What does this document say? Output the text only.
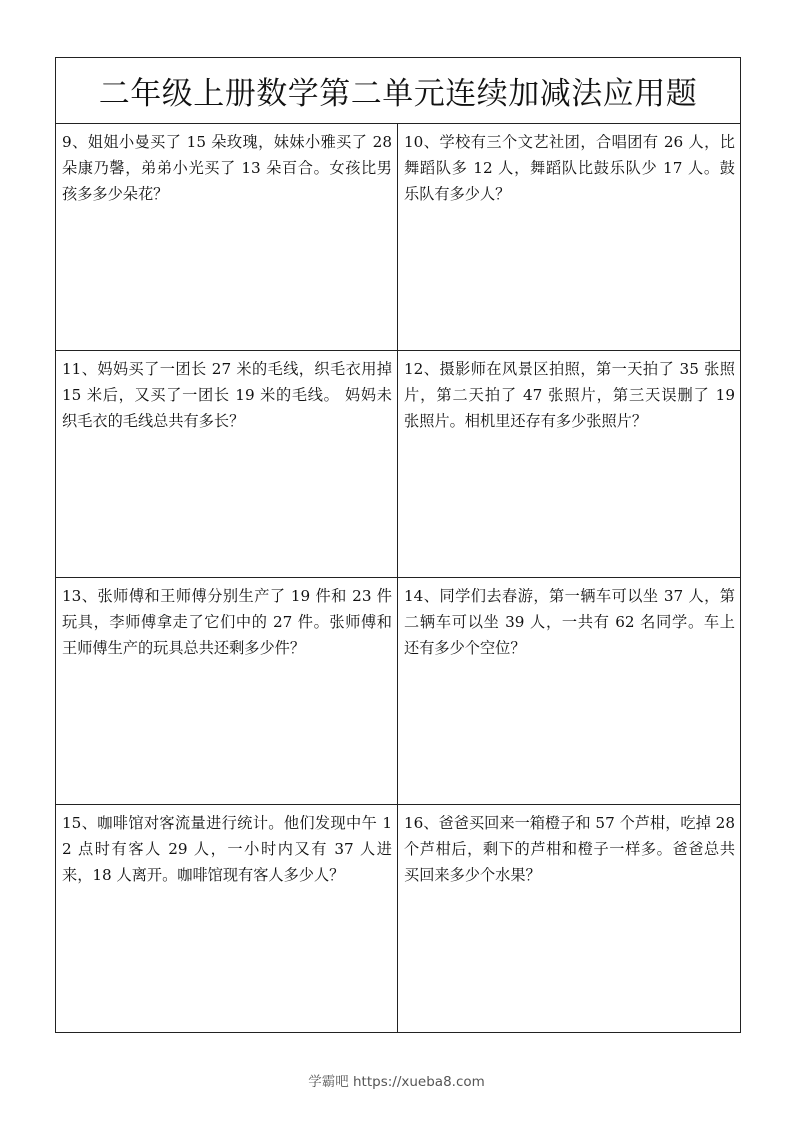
二年级上册数学第二单元连续加减法应用题

9、姐姐小曼买了 15 朵玫瑰，妹妹小雅买了 28 朵康乃馨，弟弟小光买了 13 朵百合。女孩比男孩多多少朵花？

10、学校有三个文艺社团，合唱团有 26 人，比舞蹈队多 12 人，舞蹈队比鼓乐队少 17 人。鼓乐队有多少人？

11、妈妈买了一团长 27 米的毛线，织毛衣用掉 15 米后，又买了一团长 19 米的毛线。 妈妈未织毛衣的毛线总共有多长？

12、摄影师在风景区拍照，第一天拍了 35 张照片，第二天拍了 47 张照片，第三天误删了 19 张照片。相机里还存有多少张照片？

13、张师傅和王师傅分别生产了 19 件和 23 件玩具，李师傅拿走了它们中的 27 件。张师傅和王师傅生产的玩具总共还剩多少件？

14、同学们去春游，第一辆车可以坐 37 人，第二辆车可以坐 39 人，一共有 62 名同学。车上还有多少个空位？

15、咖啡馆对客流量进行统计。他们发现中午 12 点时有客人 29 人，一小时内又有 37 人进来，18 人离开。咖啡馆现有客人多少人？

16、爸爸买回来一箱橙子和 57 个芦柑，吃掉 28 个芦柑后，剩下的芦柑和橙子一样多。爸爸总共买回来多少个水果？

学霸吧 https://xueba8.com
